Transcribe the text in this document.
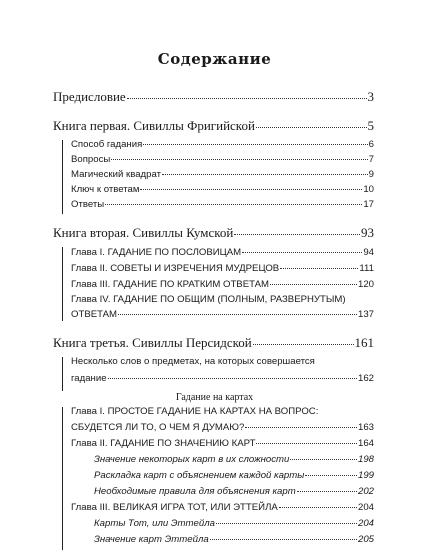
Содержание
Предисловие	3
Книга первая. Сивиллы Фригийской	5
Способ гадания	6
Вопросы	7
Магический квадрат	9
Ключ к ответам	10
Ответы	17
Книга вторая. Сивиллы Кумской	93
Глава I. ГАДАНИЕ ПО ПОСЛОВИЦАМ	94
Глава II. СОВЕТЫ И ИЗРЕЧЕНИЯ МУДРЕЦОВ	111
Глава III. ГАДАНИЕ ПО КРАТКИМ ОТВЕТАМ	120
Глава IV. ГАДАНИЕ ПО ОБЩИМ (ПОЛНЫМ, РАЗВЕРНУТЫМ)
ОТВЕТАМ	137
Книга третья. Сивиллы Персидской	161
Несколько слов о предметах, на которых совершается
гадание	162
Гадание на картах
Глава I. ПРОСТОЕ ГАДАНИЕ НА КАРТАХ НА ВОПРОС:
СБУДЕТСЯ ЛИ ТО, О ЧЕМ Я ДУМАЮ?	163
Глава II. ГАДАНИЕ ПО ЗНАЧЕНИЮ КАРТ	164
Значение некоторых карт в их сложности	198
Раскладка карт с объяснением каждой карты	199
Необходимые правила для объяснения карт	202
Глава III. ВЕЛИКАЯ ИГРА ТОТ, ИЛИ ЭТТЕЙЛА	204
Карты Тот, или Эттейла	204
Значение карт Эттейла	205
